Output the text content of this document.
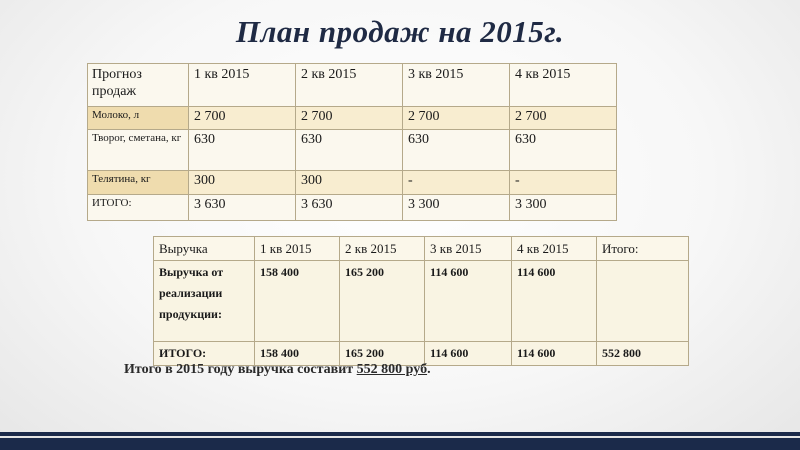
План продаж на 2015г.
Прогноз продаж	1 кв 2015	2 кв 2015	3 кв 2015	4 кв 2015
Молоко, л	2 700	2 700	2 700	2 700
Творог, сметана, кг	630	630	630	630
Телятина, кг	300	300	-	-
ИТОГО:	3 630	3 630	3 300	3 300
Выручка	1 кв 2015	2 кв 2015	3 кв 2015	4 кв 2015	Итого:
Выручка от реализации продукции:	158 400	165 200	114 600	114 600	
ИТОГО:	158 400	165 200	114 600	114 600	552 800
Итого в 2015 году выручка составит 552 800 руб.
